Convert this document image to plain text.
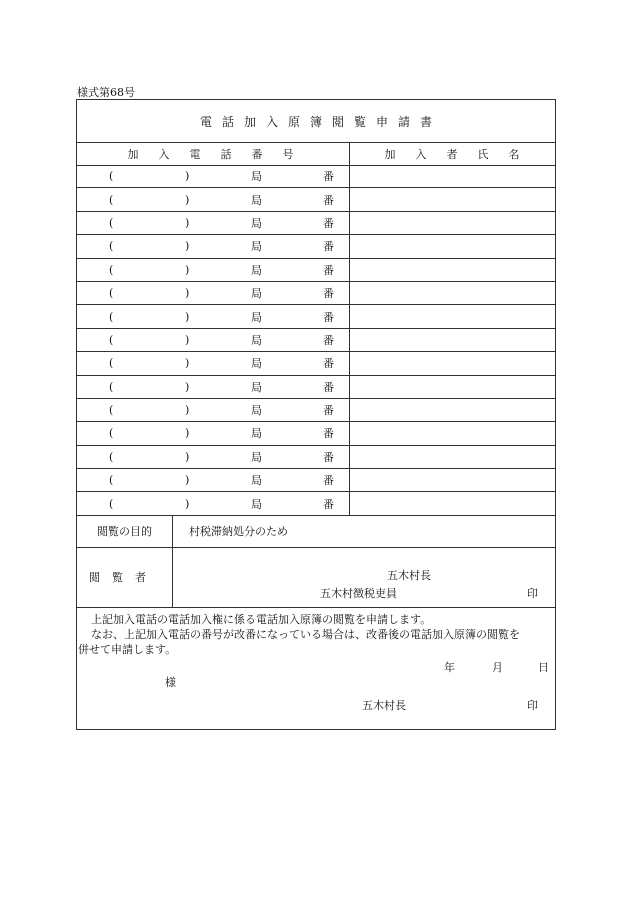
様式第68号
電話加入原簿閲覧申請書
加入電話番号	加入者氏名
(	)	局	番
(	)	局	番
(	)	局	番
(	)	局	番
(	)	局	番
(	)	局	番
(	)	局	番
(	)	局	番
(	)	局	番
(	)	局	番
(	)	局	番
(	)	局	番
(	)	局	番
(	)	局	番
(	)	局	番
閲覧の目的	村税滞納処分のため
閲覧者	五木村長
五木村徴税吏員	印

上記加入電話の電話加入権に係る電話加入原簿の閲覧を申請します。

なお、上記加入電話の番号が改番になっている場合は、改番後の電話加入原簿の閲覧を

併せて申請します。

年	月	日
様
五木村長	印
